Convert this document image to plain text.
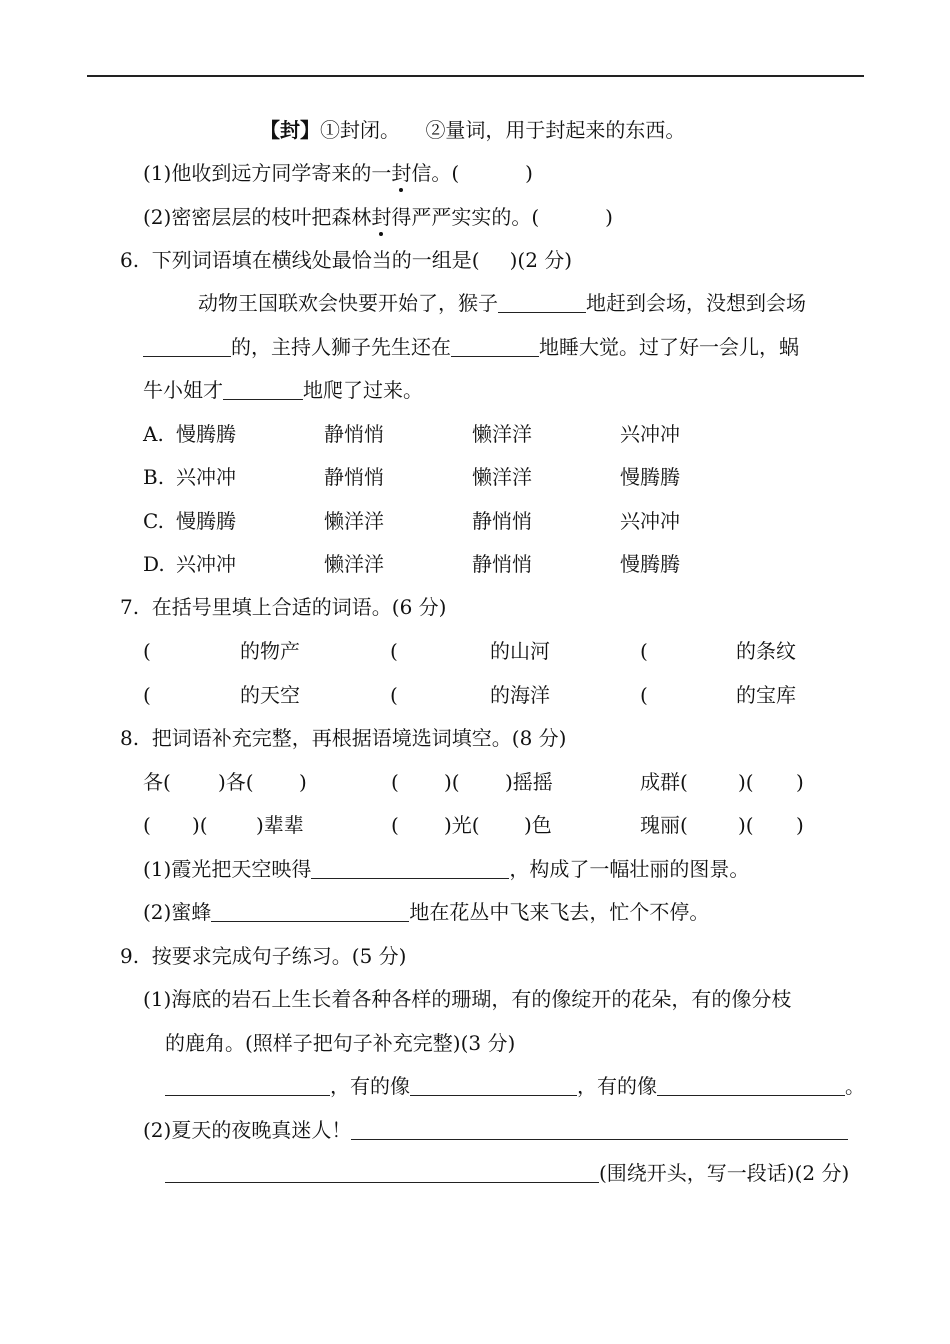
【封】①封闭。 ②量词，用于封起来的东西。
(1)他收到远方同学寄来的一封信。(	)
(2)密密层层的枝叶把森林封得严严实实的。(	)
6.  下列词语填在横线处最恰当的一组是( )(2 分)
动物王国联欢会快要开始了，猴子	地赶到会场，没想到会场
的，主持人狮子先生还在	地睡大觉。过了好一会儿，蜗
牛小姐才	地爬了过来。
A. 慢腾腾	静悄悄	懒洋洋	兴冲冲
B. 兴冲冲	静悄悄	懒洋洋	慢腾腾
C. 慢腾腾	懒洋洋	静悄悄	兴冲冲
D. 兴冲冲	懒洋洋	静悄悄	慢腾腾
7.  在括号里填上合适的词语。(6 分)
(	的物产	(	的山河	(	的条纹
(	的天空	(	的海洋	(	的宝库
8.  把词语补充完整，再根据语境选词填空。(8 分)
各( )各( )	( )( )摇摇	成群(	)( )
( )( )辈辈	( )光( )色	瑰丽(	)( )
(1)霞光把天空映得	，构成了一幅壮丽的图景。
(2)蜜蜂	地在花丛中飞来飞去，忙个不停。
9.  按要求完成句子练习。(5 分)
(1)海底的岩石上生长着各种各样的珊瑚，有的像绽开的花朵，有的像分枝
的鹿角。(照样子把句子补充完整)(3 分)
，有的像	，有的像	。
(2)夏天的夜晚真迷人！
(围绕开头，写一段话)(2 分)
